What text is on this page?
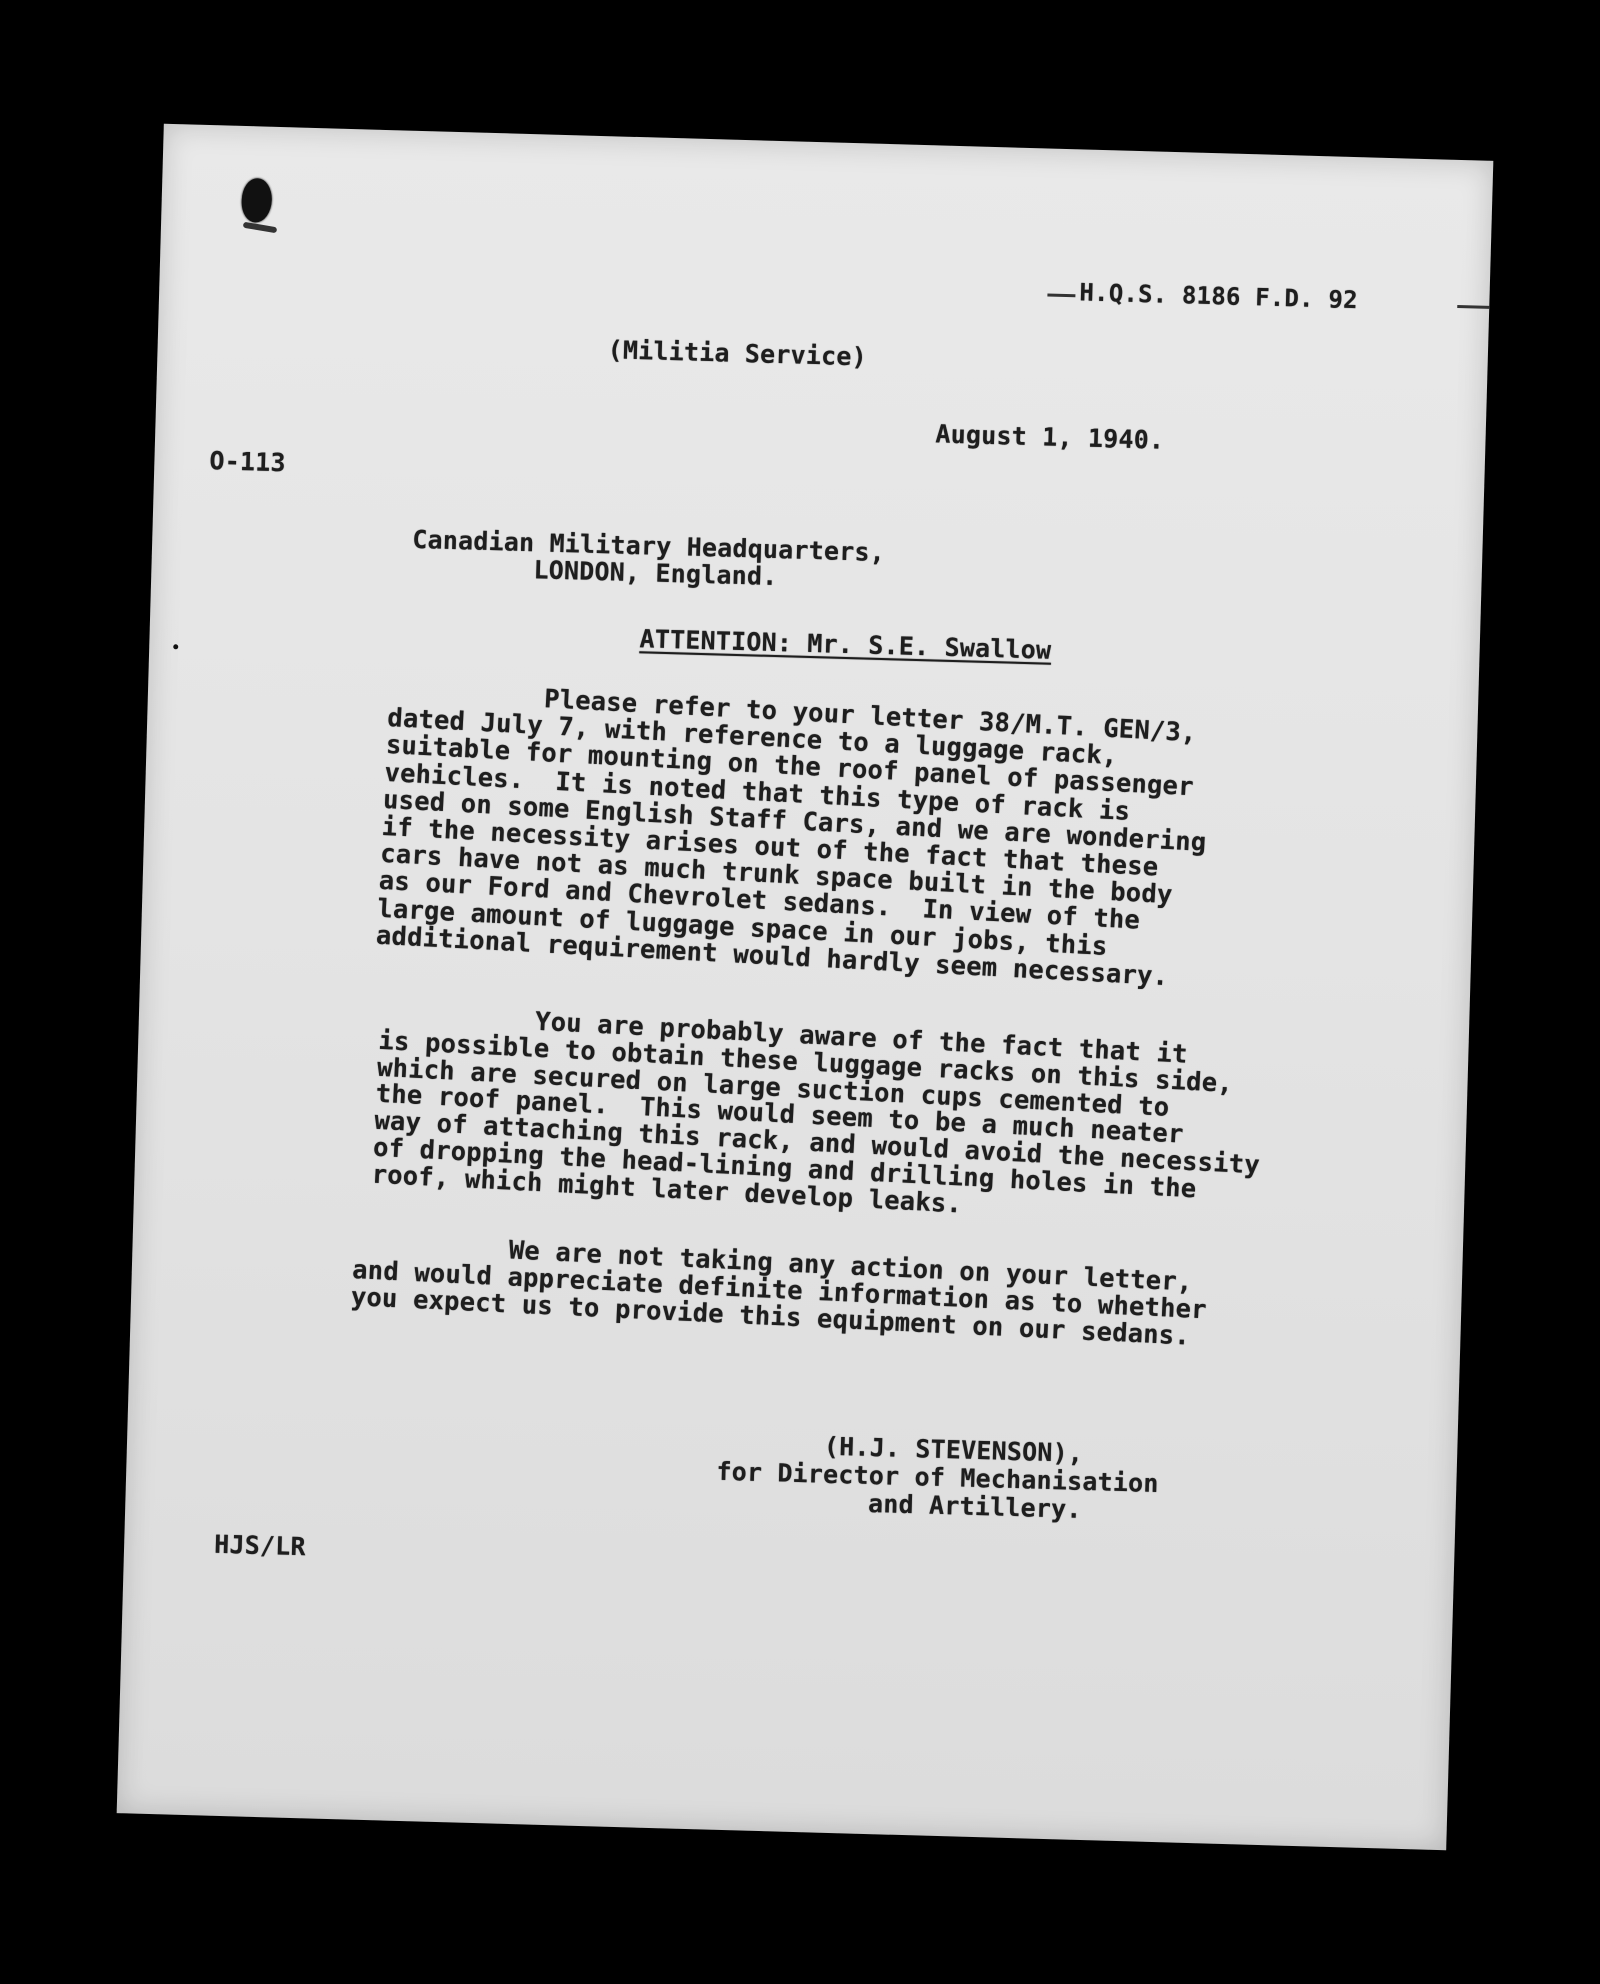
H.Q.S. 8186 F.D. 92
(Militia Service)
August 1, 1940.
O-113
Canadian Military Headquarters,
LONDON, England.
ATTENTION: Mr. S.E. Swallow
Please refer to your letter 38/M.T. GEN/3,
dated July 7, with reference to a luggage rack,
suitable for mounting on the roof panel of passenger
vehicles.  It is noted that this type of rack is
used on some English Staff Cars, and we are wondering
if the necessity arises out of the fact that these
cars have not as much trunk space built in the body
as our Ford and Chevrolet sedans.  In view of the
large amount of luggage space in our jobs, this
additional requirement would hardly seem necessary.
You are probably aware of the fact that it
is possible to obtain these luggage racks on this side,
which are secured on large suction cups cemented to
the roof panel.  This would seem to be a much neater
way of attaching this rack, and would avoid the necessity
of dropping the head-lining and drilling holes in the
roof, which might later develop leaks.
We are not taking any action on your letter,
and would appreciate definite information as to whether
you expect us to provide this equipment on our sedans.
(H.J. STEVENSON),
for Director of Mechanisation
and Artillery.
HJS/LR
